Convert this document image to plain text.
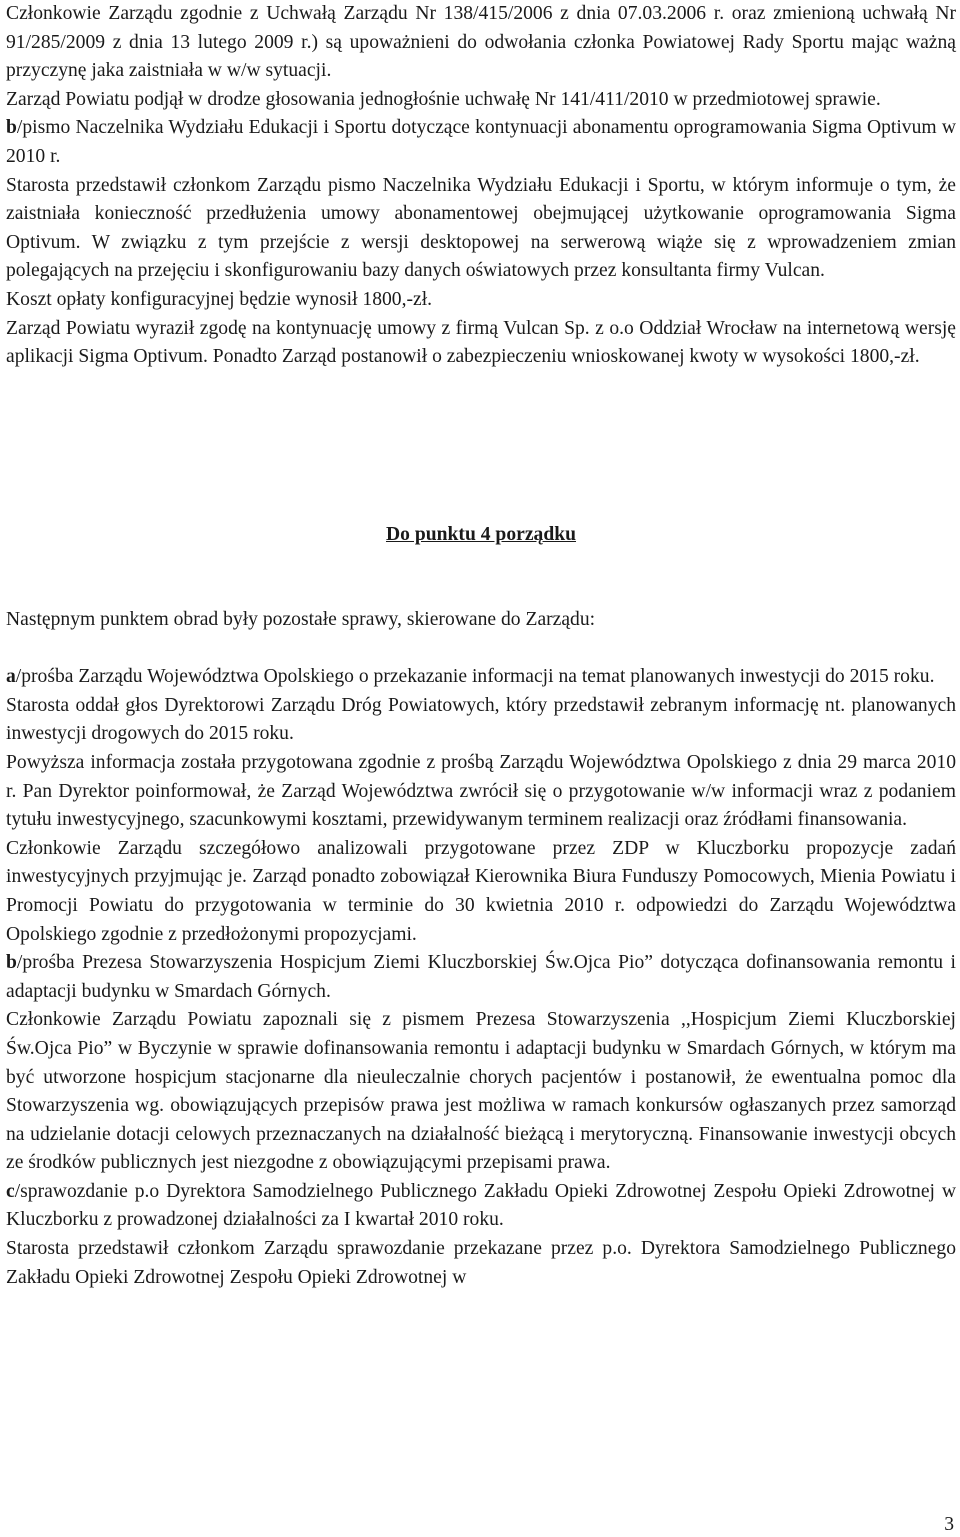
Członkowie Zarządu zgodnie z Uchwałą Zarządu Nr 138/415/2006 z dnia 07.03.2006 r. oraz zmienioną uchwałą Nr 91/285/2009 z dnia 13 lutego 2009 r.) są upoważnieni do odwołania członka Powiatowej Rady Sportu mając ważną przyczynę jaka zaistniała w w/w sytuacji.

Zarząd Powiatu podjął w drodze głosowania jednogłośnie uchwałę Nr 141/411/2010 w przedmiotowej sprawie.

b/pismo Naczelnika Wydziału Edukacji i Sportu dotyczące kontynuacji abonamentu oprogramowania Sigma Optivum w 2010 r.

Starosta przedstawił członkom Zarządu pismo Naczelnika Wydziału Edukacji i Sportu, w którym informuje o tym, że zaistniała konieczność przedłużenia umowy abonamentowej obejmującej użytkowanie oprogramowania Sigma Optivum. W związku z tym przejście z wersji desktopowej na serwerową wiąże się z wprowadzeniem zmian polegających na przejęciu i skonfigurowaniu bazy danych oświatowych przez konsultanta firmy Vulcan.

Koszt opłaty konfiguracyjnej będzie wynosił 1800,-zł.

Zarząd Powiatu wyraził zgodę na kontynuację umowy z firmą Vulcan Sp. z o.o Oddział Wrocław na internetową wersję aplikacji Sigma Optivum. Ponadto Zarząd postanowił o zabezpieczeniu wnioskowanej kwoty w wysokości 1800,-zł.

Do punktu 4 porządku

Następnym punktem obrad były pozostałe sprawy, skierowane do Zarządu:

a/prośba Zarządu Województwa Opolskiego o przekazanie informacji na temat planowanych inwestycji do 2015 roku.

Starosta oddał głos Dyrektorowi Zarządu Dróg Powiatowych, który przedstawił zebranym informację nt. planowanych inwestycji drogowych do 2015 roku.

Powyższa informacja została przygotowana zgodnie z prośbą Zarządu Województwa Opolskiego z dnia 29 marca 2010 r. Pan Dyrektor poinformował, że Zarząd Województwa zwrócił się o przygotowanie w/w informacji wraz z podaniem tytułu inwestycyjnego, szacunkowymi kosztami, przewidywanym terminem realizacji oraz źródłami finansowania.

Członkowie Zarządu szczegółowo analizowali przygotowane przez ZDP w Kluczborku propozycje zadań inwestycyjnych przyjmując je. Zarząd ponadto zobowiązał Kierownika Biura Funduszy Pomocowych, Mienia Powiatu i Promocji Powiatu do przygotowania w terminie do 30 kwietnia 2010 r. odpowiedzi do Zarządu Województwa Opolskiego zgodnie z przedłożonymi propozycjami.

b/prośba Prezesa Stowarzyszenia Hospicjum Ziemi Kluczborskiej Św.Ojca Pio” dotycząca dofinansowania remontu i adaptacji budynku w Smardach Górnych.

Członkowie Zarządu Powiatu zapoznali się z pismem Prezesa Stowarzyszenia ,,Hospicjum Ziemi Kluczborskiej Św.Ojca Pio” w Byczynie w sprawie dofinansowania remontu i adaptacji budynku w Smardach Górnych, w którym ma być utworzone hospicjum stacjonarne dla nieuleczalnie chorych pacjentów i postanowił, że ewentualna pomoc dla Stowarzyszenia wg. obowiązujących przepisów prawa jest możliwa w ramach konkursów ogłaszanych przez samorząd na udzielanie dotacji celowych przeznaczanych na działalność bieżącą i merytoryczną. Finansowanie inwestycji obcych ze środków publicznych jest niezgodne z obowiązującymi przepisami prawa.

c/sprawozdanie p.o Dyrektora Samodzielnego Publicznego Zakładu Opieki Zdrowotnej Zespołu Opieki Zdrowotnej w Kluczborku z prowadzonej działalności za I kwartał 2010 roku.

Starosta przedstawił członkom Zarządu sprawozdanie przekazane przez p.o. Dyrektora Samodzielnego Publicznego Zakładu Opieki Zdrowotnej Zespołu Opieki Zdrowotnej w

3
